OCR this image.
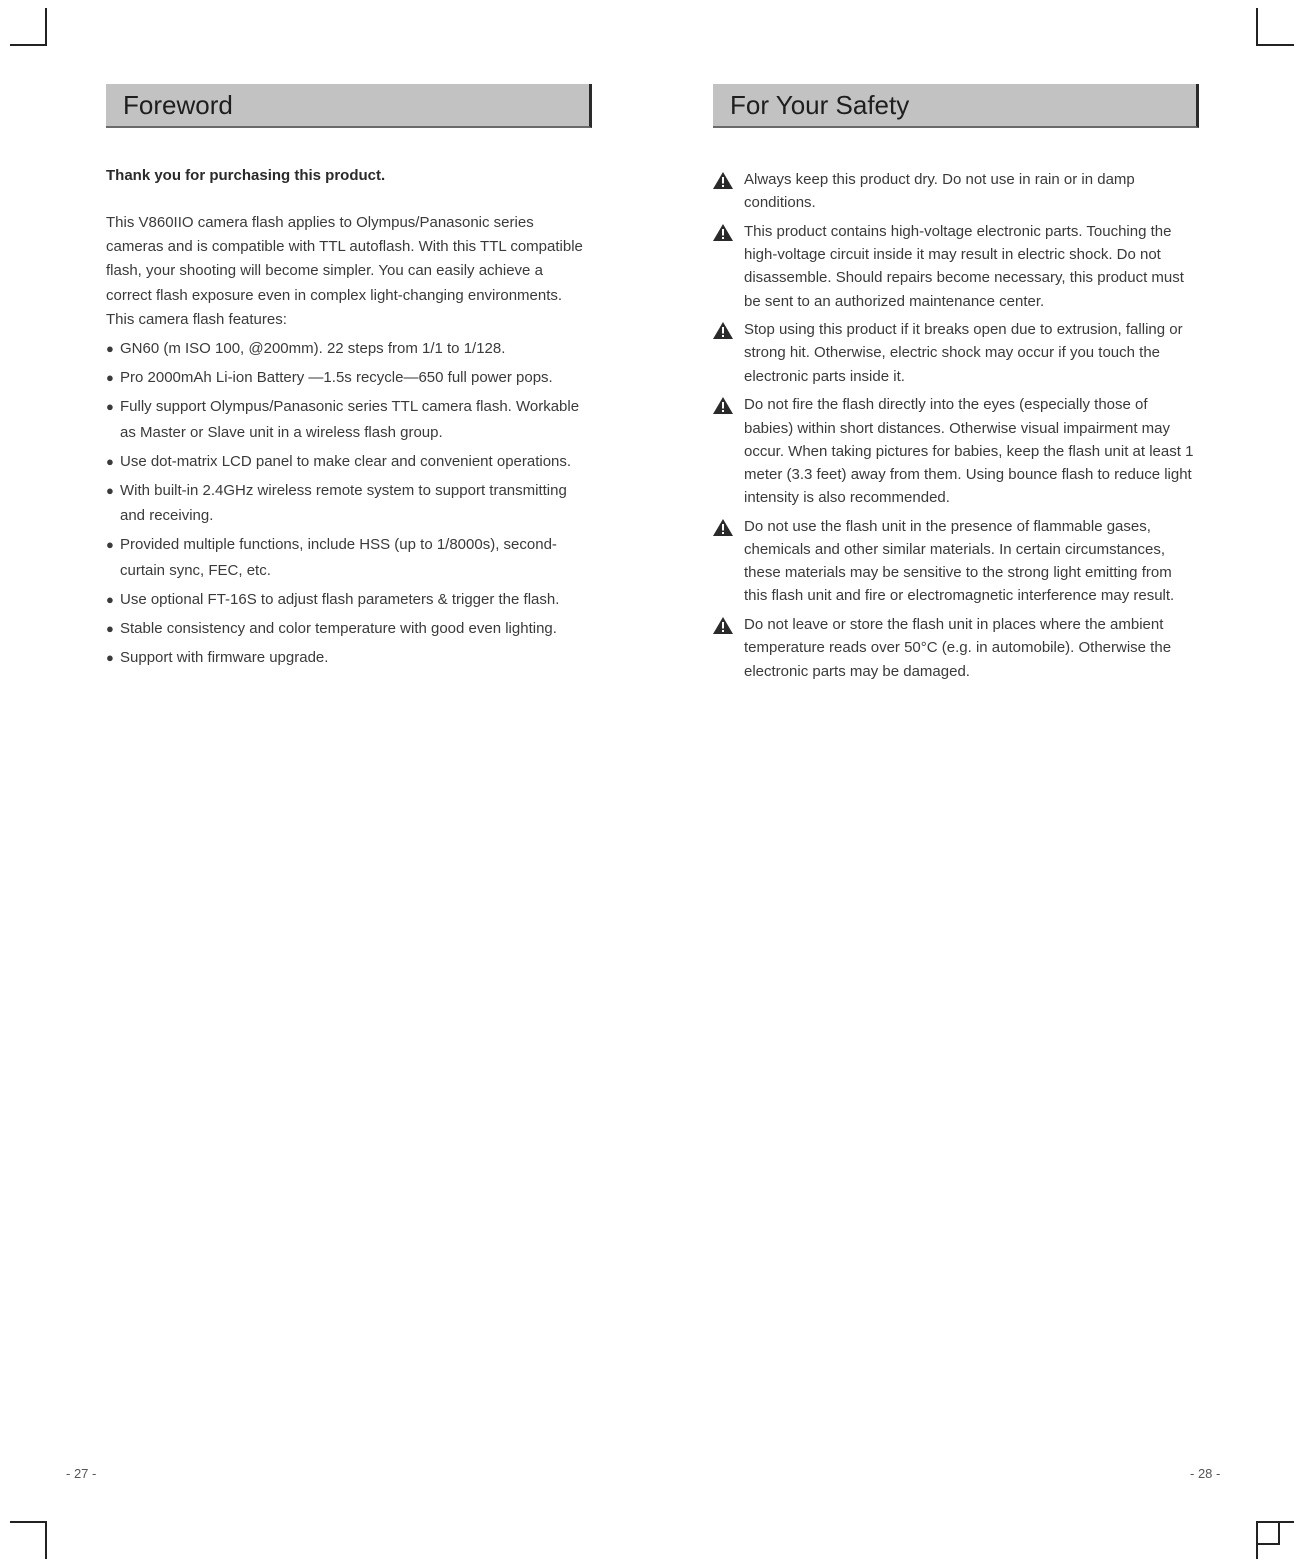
Foreword
Thank you for purchasing this product.
This V860IIO camera flash applies to Olympus/Panasonic series cameras and is compatible with TTL autoflash. With this TTL compatible flash, your shooting will become simpler. You can easily achieve a correct flash exposure even in complex light-changing environments. This camera flash features:
● GN60 (m ISO 100, @200mm). 22 steps from 1/1 to 1/128.
● Pro 2000mAh Li-ion Battery —1.5s recycle—650 full power pops.
● Fully support Olympus/Panasonic series TTL camera flash. Workable as Master or Slave unit in a wireless flash group.
● Use dot-matrix LCD panel to make clear and convenient operations.
● With built-in 2.4GHz wireless remote system to support transmitting and receiving.
● Provided multiple functions, include HSS (up to 1/8000s), second-curtain sync, FEC, etc.
● Use optional FT-16S to adjust flash parameters & trigger the flash.
● Stable consistency and color temperature with good even lighting.
● Support with firmware upgrade.
For Your Safety
Always keep this product dry. Do not use in rain or in damp conditions.
This product contains high-voltage electronic parts. Touching the high-voltage circuit inside it may result in electric shock. Do not disassemble. Should repairs become necessary, this product must be sent to an authorized maintenance center.
Stop using this product if it breaks open due to extrusion, falling or strong hit. Otherwise, electric shock may occur if you touch the electronic parts inside it.
Do not fire the flash directly into the eyes (especially those of babies) within short distances. Otherwise visual impairment may occur. When taking pictures for babies, keep the flash unit at least 1 meter (3.3 feet) away from them. Using bounce flash to reduce light intensity is also recommended.
Do not use the flash unit in the presence of flammable gases, chemicals and other similar materials. In certain circumstances, these materials may be sensitive to the strong light emitting from this flash unit and fire or electromagnetic interference may result.
Do not leave or store the flash unit in places where the ambient temperature reads over 50°C (e.g. in automobile). Otherwise the electronic parts may be damaged.
- 27 -	- 28 -
